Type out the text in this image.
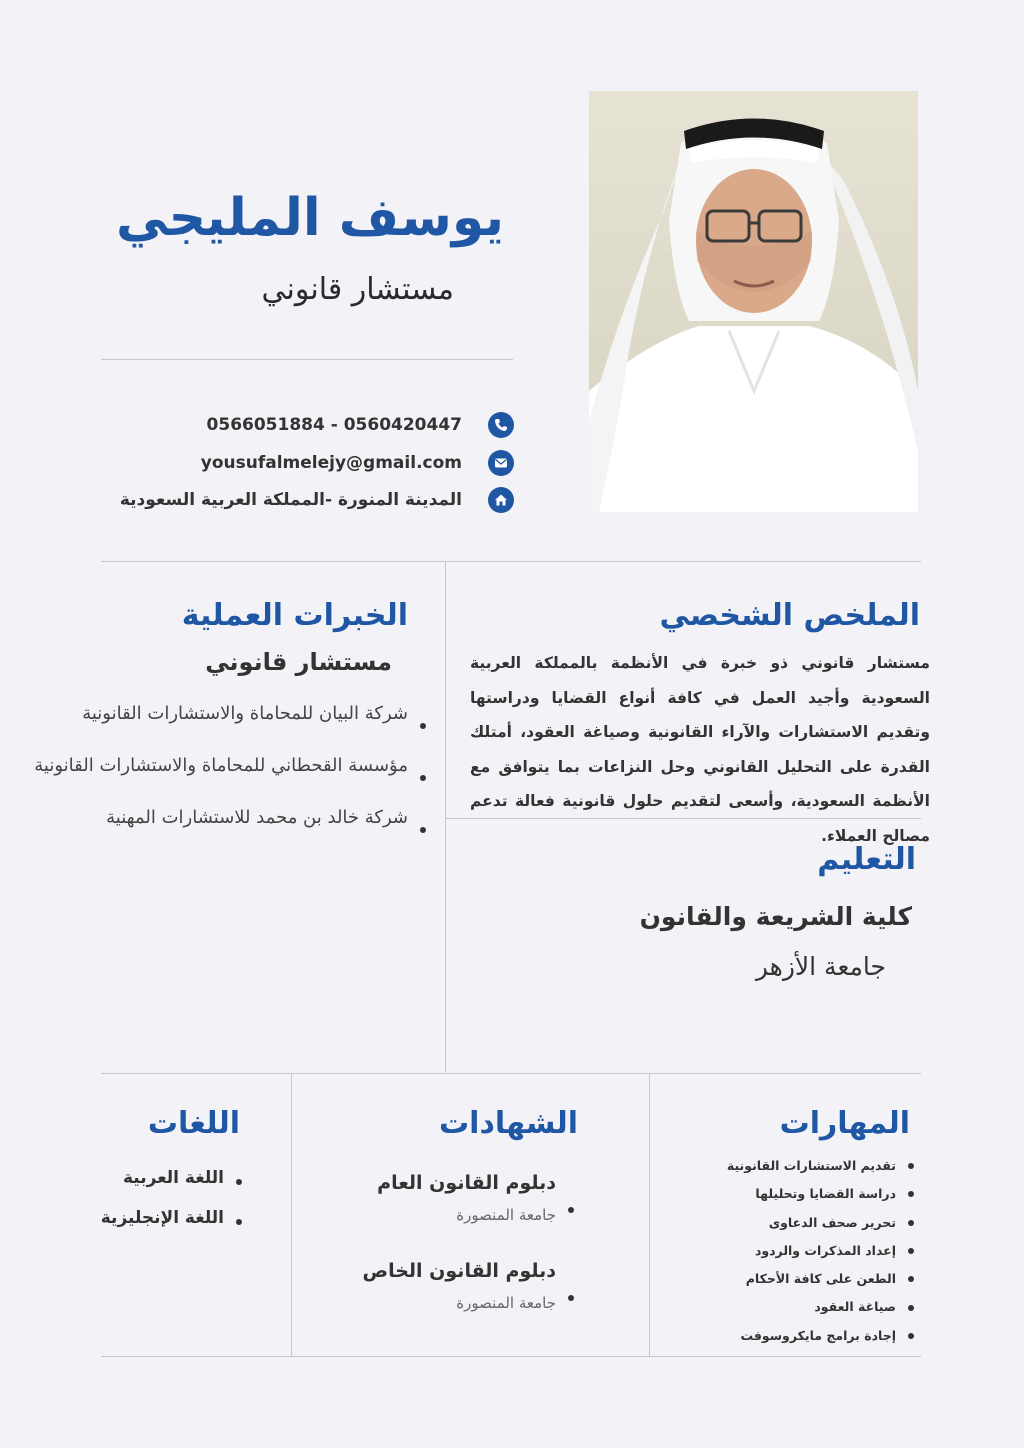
يوسف المليجي
مستشار قانوني
0566051884 - 0560420447
yousufalmelejy@gmail.com
المدينة المنورة -المملكة العربية السعودية
الملخص الشخصي

مستشار قانوني ذو خبرة في الأنظمة بالمملكة العربية السعودية وأجيد العمل في كافة أنواع القضايا ودراستها وتقديم الاستشارات والآراء القانونية وصياغة العقود، أمتلك القدرة على التحليل القانوني وحل النزاعات بما يتوافق مع الأنظمة السعودية، وأسعى لتقديم حلول قانونية فعالة تدعم مصالح العملاء.

الخبرات العملية
مستشار قانوني
شركة البيان للمحاماة والاستشارات القانونية
مؤسسة القحطاني للمحاماة والاستشارات القانونية
شركة خالد بن محمد للاستشارات المهنية
التعليم
كلية الشريعة والقانون
جامعة الأزهر
المهارات
تقديم الاستشارات القانونية
دراسة القضايا وتحليلها
تحرير صحف الدعاوى
إعداد المذكرات والردود
الطعن على كافة الأحكام
صياغة العقود
إجادة برامج مايكروسوفت
الشهادات
دبلوم القانون العام
جامعة المنصورة
دبلوم القانون الخاص
جامعة المنصورة
اللغات
اللغة العربية
اللغة الإنجليزية
